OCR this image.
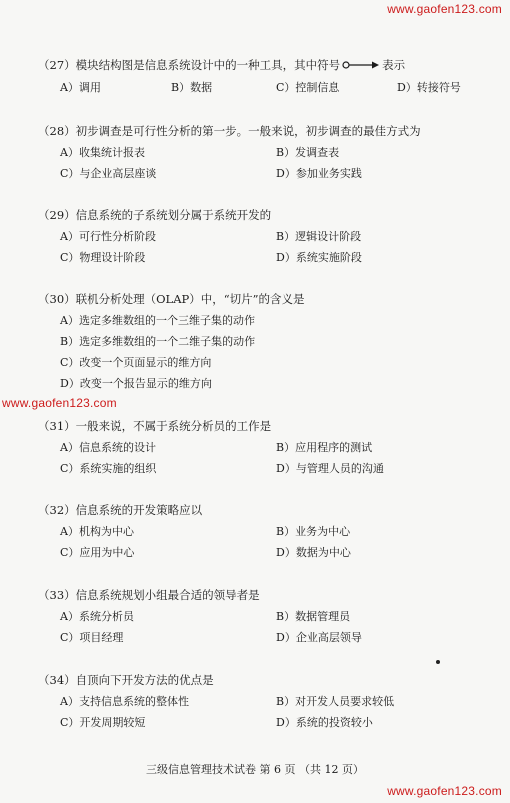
www.gaofen123.com
www.gaofen123.com
www.gaofen123.com
（27）模块结构图是信息系统设计中的一种工具，其中符号	表示
A）调用	B）数据	C）控制信息	D）转接符号
（28）初步调查是可行性分析的第一步。一般来说，初步调查的最佳方式为
A）收集统计报表	B）发调查表
C）与企业高层座谈	D）参加业务实践
（29）信息系统的子系统划分属于系统开发的
A）可行性分析阶段	B）逻辑设计阶段
C）物理设计阶段	D）系统实施阶段
（30）联机分析处理（OLAP）中，“切片”的含义是
A）选定多维数组的一个三维子集的动作
B）选定多维数组的一个二维子集的动作
C）改变一个页面显示的维方向
D）改变一个报告显示的维方向
（31）一般来说，不属于系统分析员的工作是
A）信息系统的设计	B）应用程序的测试
C）系统实施的组织	D）与管理人员的沟通
（32）信息系统的开发策略应以
A）机构为中心	B）业务为中心
C）应用为中心	D）数据为中心
（33）信息系统规划小组最合适的领导者是
A）系统分析员	B）数据管理员
C）项目经理	D）企业高层领导
（34）自顶向下开发方法的优点是
A）支持信息系统的整体性	B）对开发人员要求较低
C）开发周期较短	D）系统的投资较小
三级信息管理技术试卷 第 6 页 （共 12 页）
